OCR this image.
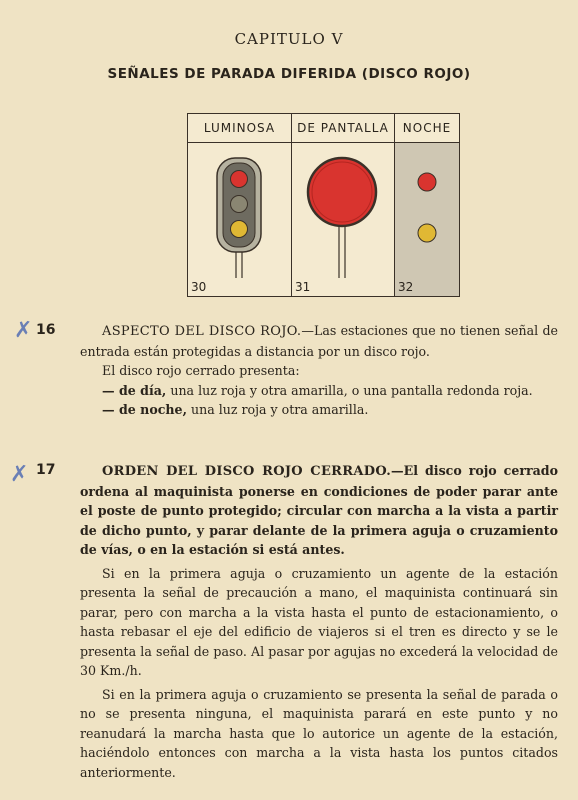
CAPITULO V
SEÑALES DE PARADA DIFERIDA (DISCO ROJO)
LUMINOSA
30
DE PANTALLA
31
NOCHE
32
✗ 16	ASPECTO DEL DISCO ROJO.—Las estaciones que no tienen señal de entrada están protegidas a distancia por un disco rojo.

El disco rojo cerrado presenta:

— de día, una luz roja y otra amarilla, o una pantalla redonda roja.

— de noche, una luz roja y otra amarilla.

✗ 17	ORDEN DEL DISCO ROJO CERRADO.—El disco rojo cerrado ordena al maquinista ponerse en condiciones de poder parar ante el poste de punto protegido; circular con marcha a la vista a partir de dicho punto, y parar delante de la primera aguja o cruzamiento de vías, o en la estación si está antes.

Si en la primera aguja o cruzamiento un agente de la estación presenta la señal de precaución a mano, el maquinista continuará sin parar, pero con marcha a la vista hasta el punto de estacionamiento, o hasta rebasar el eje del edificio de viajeros si el tren es directo y se le presenta la señal de paso. Al pasar por agujas no excederá la velocidad de 30 Km./h.

Si en la primera aguja o cruzamiento se presenta la señal de parada o no se presenta ninguna, el maquinista parará en este punto y no reanudará la marcha hasta que lo autorice un agente de la estación, haciéndolo entonces con marcha a la vista hasta los puntos citados anteriormente.
